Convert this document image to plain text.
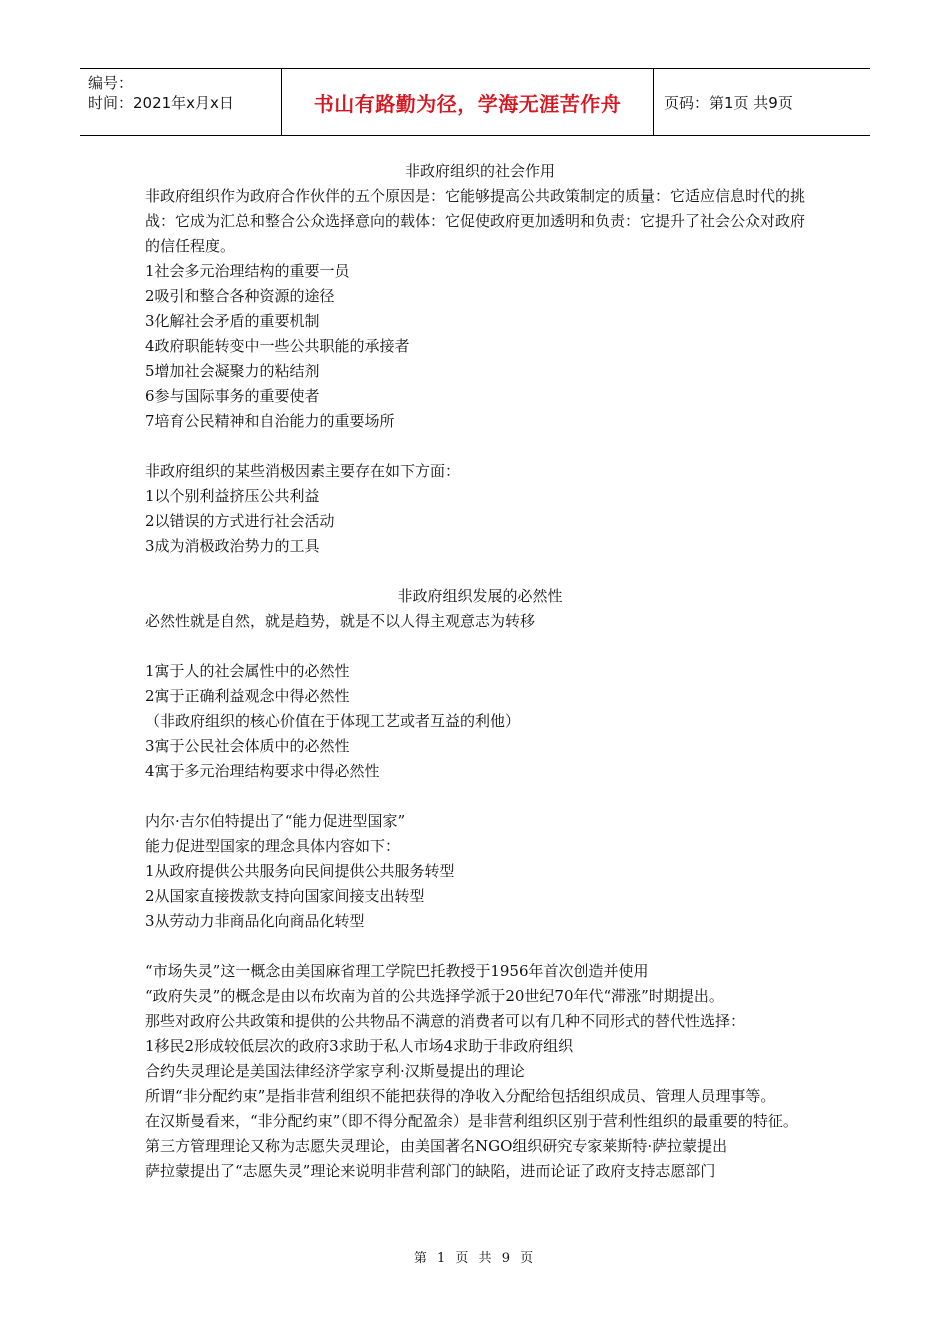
编号：
时间：2021年x月x日	书山有路勤为径，学海无涯苦作舟	页码：第1页 共9页

非政府组织的社会作用

非政府组织作为政府合作伙伴的五个原因是：它能够提高公共政策制定的质量：它适应信息时代的挑战：它成为汇总和整合公众选择意向的载体：它促使政府更加透明和负责：它提升了社会公众对政府的信任程度。

1社会多元治理结构的重要一员

2吸引和整合各种资源的途径

3化解社会矛盾的重要机制

4政府职能转变中一些公共职能的承接者

5增加社会凝聚力的粘结剂

6参与国际事务的重要使者

7培育公民精神和自治能力的重要场所

非政府组织的某些消极因素主要存在如下方面：

1以个别利益挤压公共利益

2以错误的方式进行社会活动

3成为消极政治势力的工具

非政府组织发展的必然性

必然性就是自然，就是趋势，就是不以人得主观意志为转移

1寓于人的社会属性中的必然性

2寓于正确利益观念中得必然性

（非政府组织的核心价值在于体现工艺或者互益的利他）

3寓于公民社会体质中的必然性

4寓于多元治理结构要求中得必然性

内尔·吉尔伯特提出了“能力促进型国家”

能力促进型国家的理念具体内容如下：

1从政府提供公共服务向民间提供公共服务转型

2从国家直接拨款支持向国家间接支出转型

3从劳动力非商品化向商品化转型

“市场失灵”这一概念由美国麻省理工学院巴托教授于1956年首次创造并使用

“政府失灵”的概念是由以布坎南为首的公共选择学派于20世纪70年代“滞涨”时期提出。

那些对政府公共政策和提供的公共物品不满意的消费者可以有几种不同形式的替代性选择：

1移民2形成较低层次的政府3求助于私人市场4求助于非政府组织

合约失灵理论是美国法律经济学家亨利·汉斯曼提出的理论

所谓“非分配约束”是指非营利组织不能把获得的净收入分配给包括组织成员、管理人员理事等。

在汉斯曼看来，“非分配约束”（即不得分配盈余）是非营利组织区别于营利性组织的最重要的特征。

第三方管理理论又称为志愿失灵理论，由美国著名NGO组织研究专家莱斯特·萨拉蒙提出

萨拉蒙提出了“志愿失灵”理论来说明非营利部门的缺陷，进而论证了政府支持志愿部门

第 1 页 共 9 页
